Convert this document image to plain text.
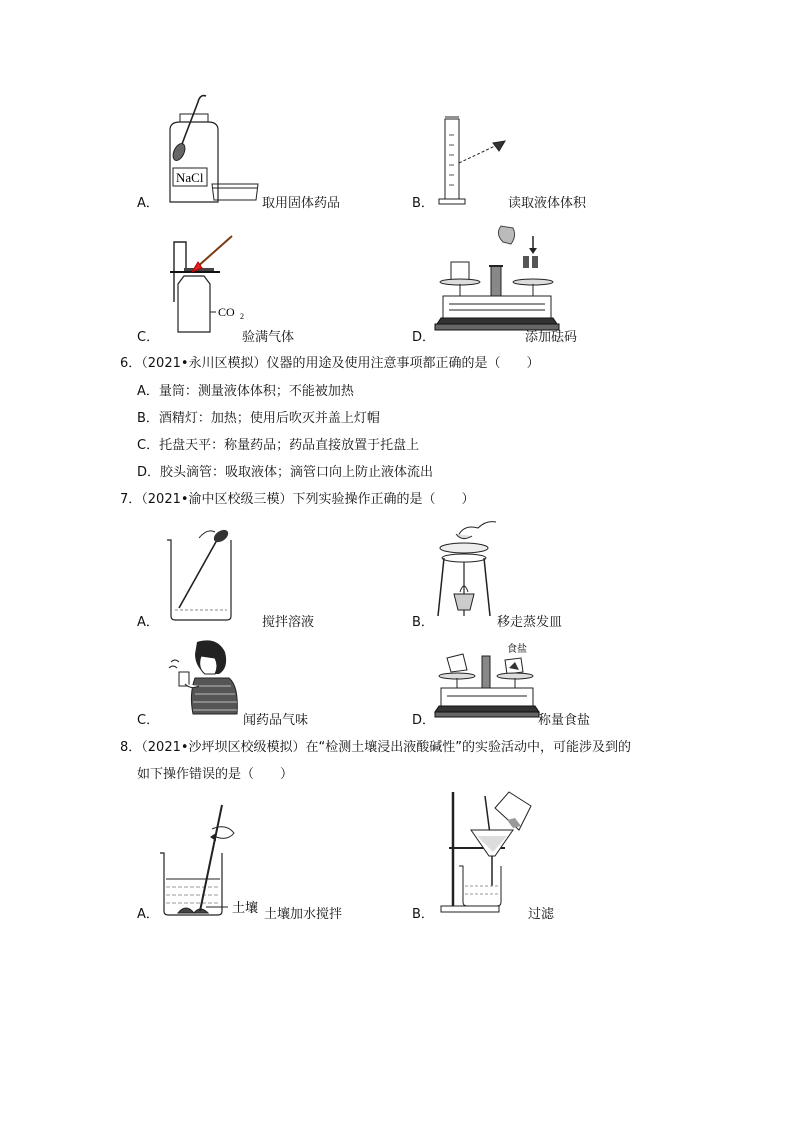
NaCl
A．	取用固体药品	B．	读取液体体积
CO 2
C．	验满气体	D．	添加砝码
6．（2021•永川区模拟）仪器的用途及使用注意事项都正确的是（　　）
A．量筒：测量液体体积；不能被加热
B．酒精灯：加热；使用后吹灭并盖上灯帽
C．托盘天平：称量药品；药品直接放置于托盘上
D．胶头滴管：吸取液体；滴管口向上防止液体流出
7．（2021•渝中区校级三模）下列实验操作正确的是（　　）
A．	搅拌溶液	B．	移走蒸发皿
C．	闻药品气味
食盐
D．	称量食盐
8．（2021•沙坪坝区校级模拟）在“检测土壤浸出液酸碱性”的实验活动中，可能涉及到的
如下操作错误的是（　　）
土壤
A．	土壤加水搅拌	B．	过滤
